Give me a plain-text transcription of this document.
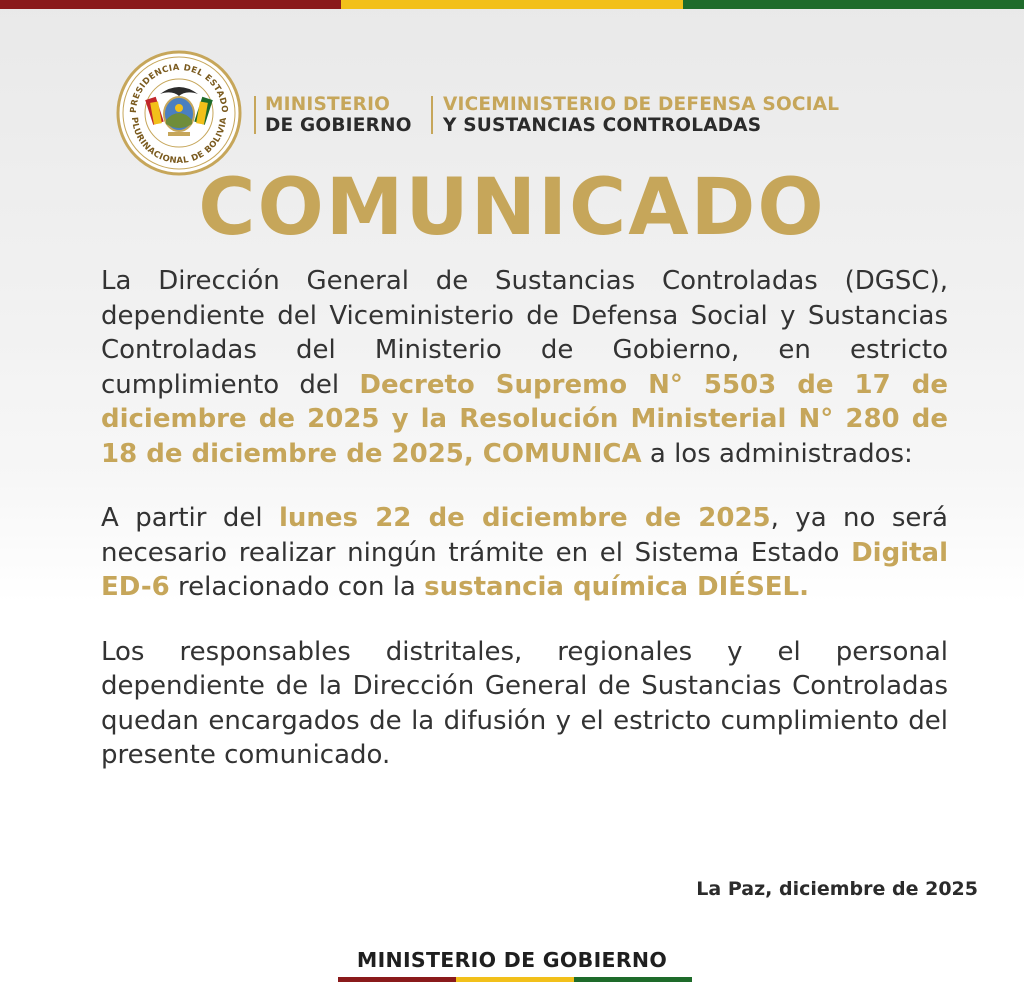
PRESIDENCIA DEL ESTADO
PLURINACIONAL DE BOLIVIA
MINISTERIO
DE GOBIERNO
VICEMINISTERIO DE DEFENSA SOCIAL
Y SUSTANCIAS CONTROLADAS
COMUNICADO

La Dirección General de Sustancias Controladas (DGSC), dependiente del Viceministerio de Defensa Social y Sustancias Controladas del Ministerio de Gobierno, en estricto cumplimiento del Decreto Supremo N° 5503 de 17 de diciembre de 2025 y la Resolución Ministerial N° 280 de 18 de diciembre de 2025, COMUNICA a los administrados:

A partir del lunes 22 de diciembre de 2025, ya no será necesario realizar ningún trámite en el Sistema Estado Digital ED-6 relacionado con la sustancia química DIÉSEL.

Los responsables distritales, regionales y el personal dependiente de la Dirección General de Sustancias Controladas quedan encargados de la difusión y el estricto cumplimiento del presente comunicado.

La Paz, diciembre de 2025
MINISTERIO DE GOBIERNO
